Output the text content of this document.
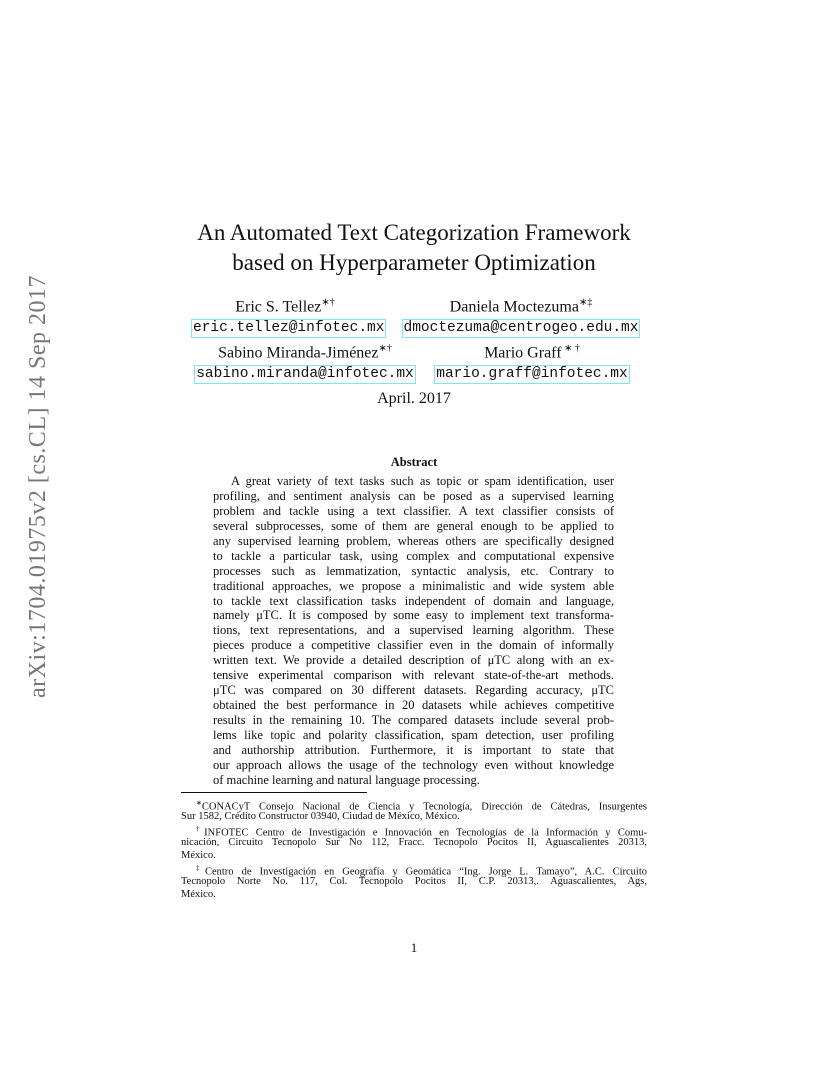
arXiv:1704.01975v2 [cs.CL] 14 Sep 2017
An Automated Text Categorization Framework
based on Hyperparameter Optimization
Eric S. Tellez∗†
eric.tellez@infotec.mx
Daniela Moctezuma∗‡
dmoctezuma@centrogeo.edu.mx
Sabino Miranda-Jiménez∗†
sabino.miranda@infotec.mx
Mario Graff ∗ †
mario.graff@infotec.mx
April. 2017
Abstract
A great variety of text tasks such as topic or spam identification, user
profiling, and sentiment analysis can be posed as a supervised learning
problem and tackle using a text classifier. A text classifier consists of
several subprocesses, some of them are general enough to be applied to
any supervised learning problem, whereas others are specifically designed
to tackle a particular task, using complex and computational expensive
processes such as lemmatization, syntactic analysis, etc. Contrary to
traditional approaches, we propose a minimalistic and wide system able
to tackle text classification tasks independent of domain and language,
namely μTC. It is composed by some easy to implement text transforma-
tions, text representations, and a supervised learning algorithm. These
pieces produce a competitive classifier even in the domain of informally
written text. We provide a detailed description of μTC along with an ex-
tensive experimental comparison with relevant state-of-the-art methods.
μTC was compared on 30 different datasets. Regarding accuracy, μTC
obtained the best performance in 20 datasets while achieves competitive
results in the remaining 10. The compared datasets include several prob-
lems like topic and polarity classification, spam detection, user profiling
and authorship attribution. Furthermore, it is important to state that
our approach allows the usage of the technology even without knowledge
of machine learning and natural language processing.
∗CONACyT Consejo Nacional de Ciencia y Tecnología, Dirección de Cátedras, Insurgentes
Sur 1582, Crédito Constructor 03940, Ciudad de México, México.
†INFOTEC Centro de Investigación e Innovación en Tecnologías de la Información y Comu-
nicación, Circuito Tecnopolo Sur No 112, Fracc. Tecnopolo Pocitos II, Aguascalientes 20313,
México.
‡Centro de Investigación en Geografía y Geomática “Ing. Jorge L. Tamayo”, A.C. Circuito
Tecnopolo Norte No. 117, Col. Tecnopolo Pocitos II, C.P. 20313,. Aguascalientes, Ags,
México.
1
